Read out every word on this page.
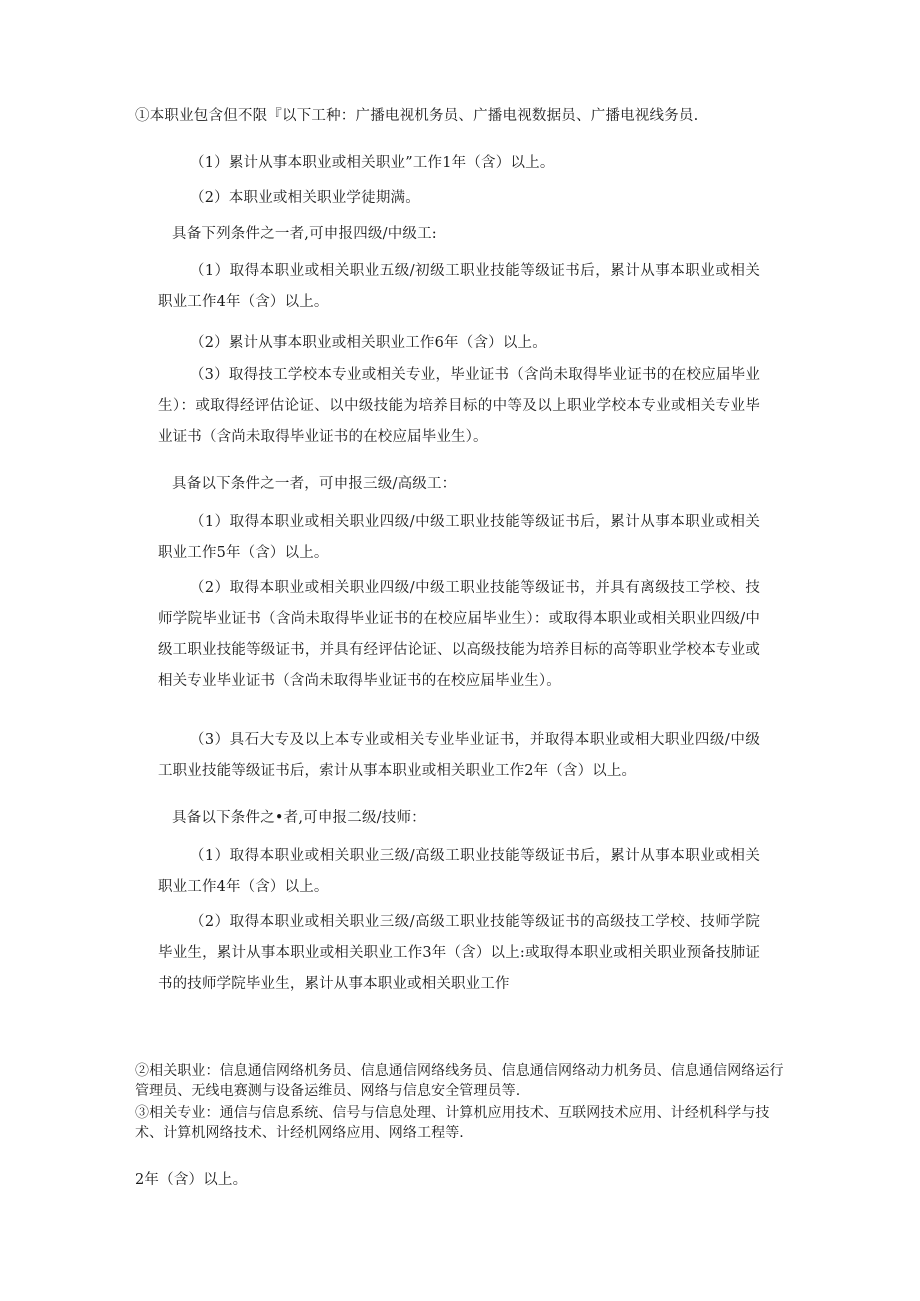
①本职业包含但不限『以下工种：广播电视机务员、广播电视数据员、广播电视线务员.
（1）累计从事本职业或相关职业”工作1年（含）以上。
（2）本职业或相关职业学徒期满。
具备下列条件之一者,可申报四级/中级工:
（1）取得本职业或相关职业五级/初级工职业技能等级证书后，累计从事本职业或相关职业工作4年（含）以上。
（2）累计从事本职业或相关职业工作6年（含）以上。
（3）取得技工学校本专业或相关专业，毕业证书（含尚未取得毕业证书的在校应届毕业生）：或取得经评估论证、以中级技能为培养目标的中等及以上职业学校本专业或相关专业毕业证书（含尚未取得毕业证书的在校应届毕业生）。
具备以下条件之一者，可申报三级/高级工：
（1）取得本职业或相关职业四级/中级工职业技能等级证书后，累计从事本职业或相关职业工作5年（含）以上。
（2）取得本职业或相关职业四级/中级工职业技能等级证书，并具有离级技工学校、技师学院毕业证书（含尚未取得毕业证书的在校应届毕业生）：或取得本职业或相关职业四级/中级工职业技能等级证书，并具有经评估论证、以高级技能为培养目标的高等职业学校本专业或相关专业毕业证书（含尚未取得毕业证书的在校应届毕业生）。
（3）具石大专及以上本专业或相关专业毕业证书，并取得本职业或相大职业四级/中级工职业技能等级证书后，索计从事本职业或相关职业工作2年（含）以上。
具备以下条件之•者,可申报二级/技师：
（1）取得本职业或相关职业三级/高级工职业技能等级证书后，累计从事本职业或相关职业工作4年（含）以上。
（2）取得本职业或相关职业三级/高级工职业技能等级证书的高级技工学校、技师学院毕业生，累计从事本职业或相关职业工作3年（含）以上:或取得本职业或相关职业预备技肺证书的技师学院毕业生，累计从事本职业或相关职业工作
②相关职业：信息通信网络机务员、信息通信网络线务员、信息通信网络动力机务员、信息通信网络运行管理员、无线电赛测与设备运维员、网络与信息安全管理员等.
③相关专业：通信与信息系统、信号与信息处理、计算机应用技术、互联网技术应用、计经机科学与技术、计算机网络技术、计经机网络应用、网络工程等.
2年（含）以上。
